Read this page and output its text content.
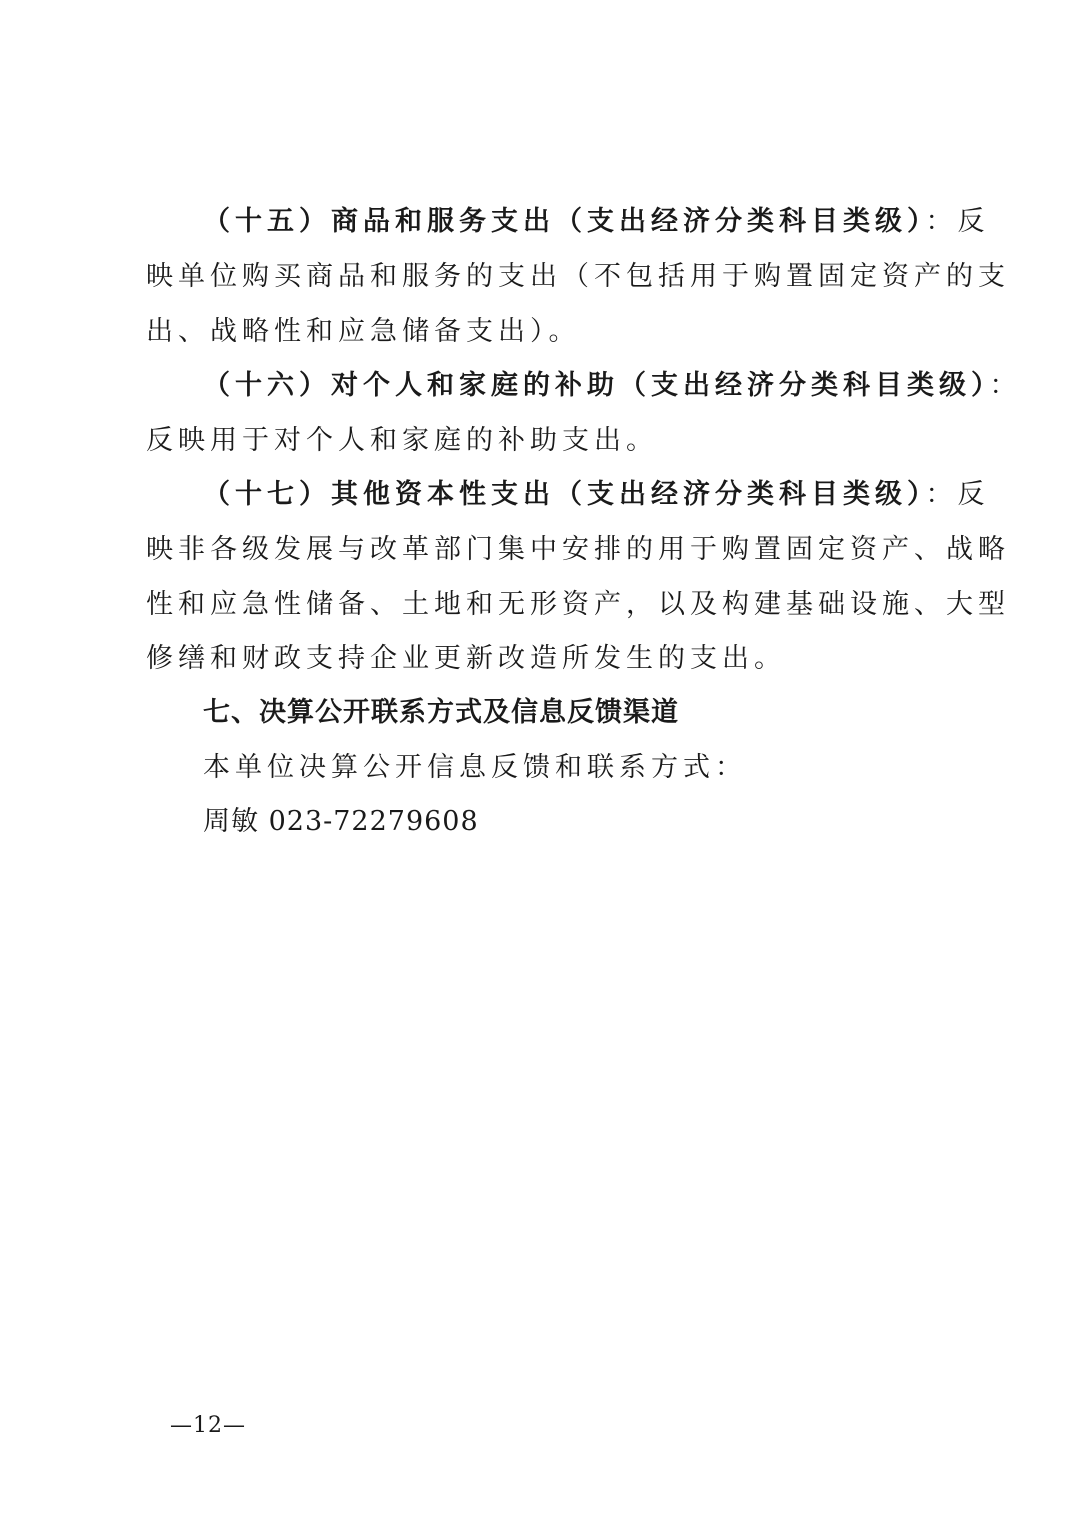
（十五）商品和服务支出（支出经济分类科目类级）：反
映单位购买商品和服务的支出（不包括用于购置固定资产的支
出、战略性和应急储备支出）。
（十六）对个人和家庭的补助（支出经济分类科目类级）：
反映用于对个人和家庭的补助支出。
（十七）其他资本性支出（支出经济分类科目类级）：反
映非各级发展与改革部门集中安排的用于购置固定资产、战略
性和应急性储备、土地和无形资产，以及构建基础设施、大型
修缮和财政支持企业更新改造所发生的支出。
七、决算公开联系方式及信息反馈渠道
本单位决算公开信息反馈和联系方式：
周敏 023-72279608
—12—
